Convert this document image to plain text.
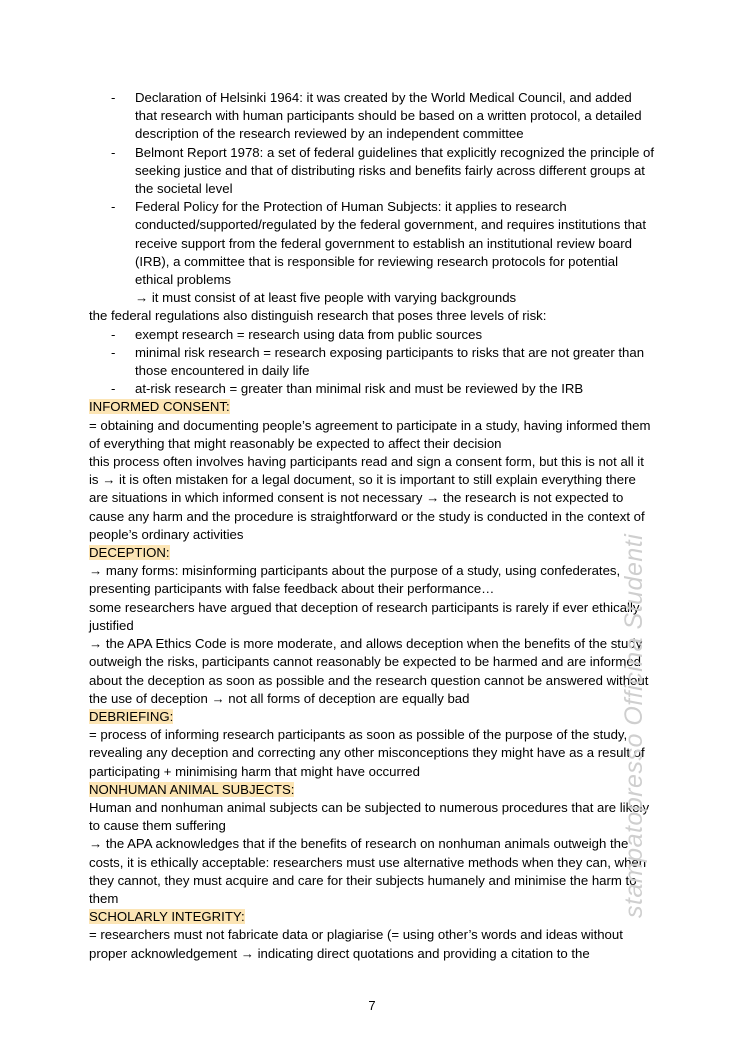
- Declaration of Helsinki 1964: it was created by the World Medical Council, and added that research with human participants should be based on a written protocol, a detailed description of the research reviewed by an independent committee
- Belmont Report 1978: a set of federal guidelines that explicitly recognized the principle of seeking justice and that of distributing risks and benefits fairly across different groups at the societal level
- Federal Policy for the Protection of Human Subjects: it applies to research conducted/supported/regulated by the federal government, and requires institutions that receive support from the federal government to establish an institutional review board (IRB), a committee that is responsible for reviewing research protocols for potential ethical problems

→ it must consist of at least five people with varying backgrounds

the federal regulations also distinguish research that poses three levels of risk:

- exempt research = research using data from public sources
- minimal risk research = research exposing participants to risks that are not greater than those encountered in daily life
- at-risk research = greater than minimal risk and must be reviewed by the IRB

INFORMED CONSENT:

= obtaining and documenting people’s agreement to participate in a study, having informed them of everything that might reasonably be expected to affect their decision

this process often involves having participants read and sign a consent form, but this is not all it is → it is often mistaken for a legal document, so it is important to still explain everything there are situations in which informed consent is not necessary → the research is not expected to cause any harm and the procedure is straightforward or the study is conducted in the context of people’s ordinary activities

DECEPTION:

→ many forms: misinforming participants about the purpose of a study, using confederates, presenting participants with false feedback about their performance…

some researchers have argued that deception of research participants is rarely if ever ethically justified

→ the APA Ethics Code is more moderate, and allows deception when the benefits of the study outweigh the risks, participants cannot reasonably be expected to be harmed and are informed about the deception as soon as possible and the research question cannot be answered without the use of deception → not all forms of deception are equally bad

DEBRIEFING:

= process of informing research participants as soon as possible of the purpose of the study, revealing any deception and correcting any other misconceptions they might have as a result of participating + minimising harm that might have occurred

NONHUMAN ANIMAL SUBJECTS:

Human and nonhuman animal subjects can be subjected to numerous procedures that are likely to cause them suffering

→ the APA acknowledges that if the benefits of research on nonhuman animals outweigh the costs, it is ethically acceptable: researchers must use alternative methods when they can, when they cannot, they must acquire and care for their subjects humanely and minimise the harm to them

SCHOLARLY INTEGRITY:

= researchers must not fabricate data or plagiarise (= using other’s words and ideas without proper acknowledgement → indicating direct quotations and providing a citation to the

stampatopresso Officina Studenti
7
